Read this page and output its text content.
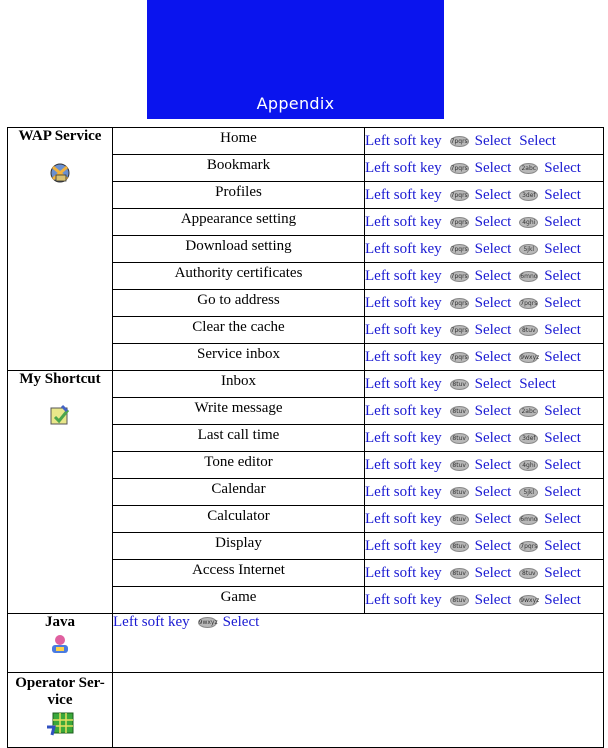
Appendix
WAP Service	Home	Left soft key 7pqrs Select Select
	Bookmark	Left soft key 7pqrs Select 2abc Select
	Profiles	Left soft key 7pqrs Select 3def Select
	Appearance setting	Left soft key 7pqrs Select 4ghi Select
	Download setting	Left soft key 7pqrs Select 5jkl Select
	Authority certificates	Left soft key 7pqrs Select 6mno Select
	Go to address	Left soft key 7pqrs Select 7pqrs Select
	Clear the cache	Left soft key 7pqrs Select 8tuv Select
	Service inbox	Left soft key 7pqrs Select 9wxyz Select

My Shortcut	Inbox	Left soft key 8tuv Select Select
	Write message	Left soft key 8tuv Select 2abc Select
	Last call time	Left soft key 8tuv Select 3def Select
	Tone editor	Left soft key 8tuv Select 4ghi Select
	Calendar	Left soft key 8tuv Select 5jkl Select
	Calculator	Left soft key 8tuv Select 6mno Select
	Display	Left soft key 8tuv Select 7pqrs Select
	Access Internet	Left soft key 8tuv Select 8tuv Select
	Game	Left soft key 8tuv Select 9wxyz Select

Java	Left soft key 9wxyz Select	

Operator Ser-vice		
